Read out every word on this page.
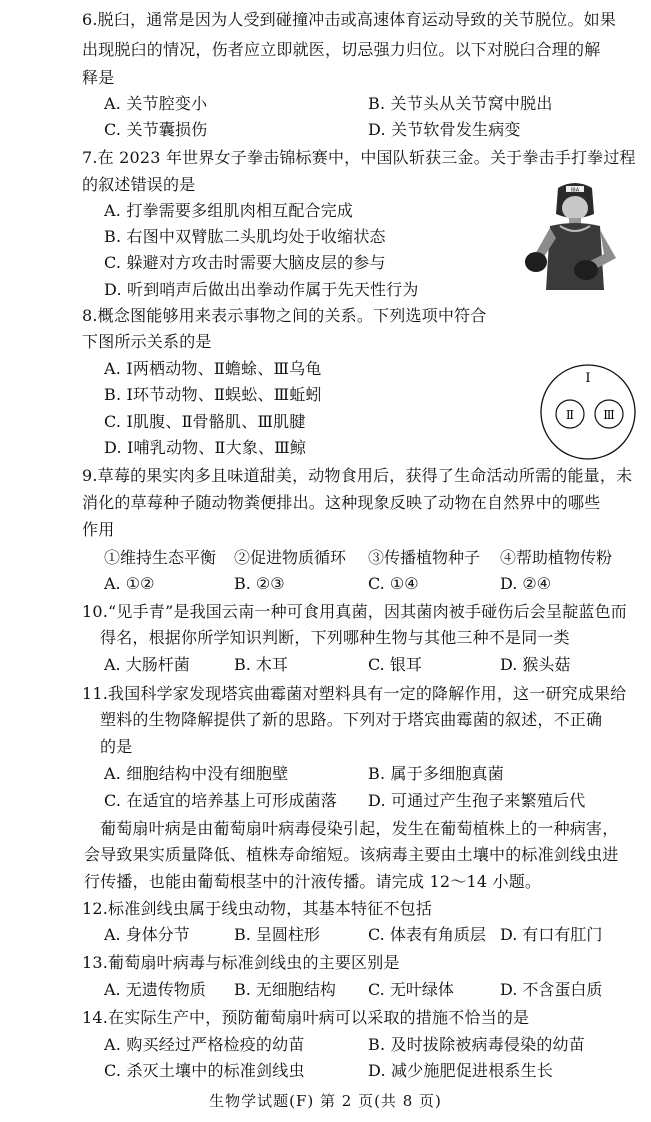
6.脱臼，通常是因为人受到碰撞冲击或高速体育运动导致的关节脱位。如果
出现脱臼的情况，伤者应立即就医，切忌强力归位。以下对脱臼合理的解
释是
A. 关节腔变小	B. 关节头从关节窝中脱出
C. 关节囊损伤	D. 关节软骨发生病变
7.在 2023 年世界女子拳击锦标赛中，中国队斩获三金。关于拳击手打拳过程
的叙述错误的是
A. 打拳需要多组肌肉相互配合完成
B. 右图中双臂肱二头肌均处于收缩状态
C. 躲避对方攻击时需要大脑皮层的参与
D. 听到哨声后做出出拳动作属于先天性行为
IBA
8.概念图能够用来表示事物之间的关系。下列选项中符合
下图所示关系的是
A. Ⅰ两栖动物、Ⅱ蟾蜍、Ⅲ乌龟
B. Ⅰ环节动物、Ⅱ蜈蚣、Ⅲ蚯蚓
C. Ⅰ肌腹、Ⅱ骨骼肌、Ⅲ肌腱
D. Ⅰ哺乳动物、Ⅱ大象、Ⅲ鲸
Ⅰ
Ⅱ Ⅲ
9.草莓的果实肉多且味道甜美，动物食用后，获得了生命活动所需的能量，未
消化的草莓种子随动物粪便排出。这种现象反映了动物在自然界中的哪些
作用
①维持生态平衡 ②促进物质循环 ③传播植物种子 ④帮助植物传粉
A. ①②	B. ②③	C. ①④	D. ②④
10.“见手青”是我国云南一种可食用真菌，因其菌肉被手碰伤后会呈靛蓝色而
得名，根据你所学知识判断，下列哪种生物与其他三种不是同一类
A. 大肠杆菌	B. 木耳	C. 银耳	D. 猴头菇
11.我国科学家发现塔宾曲霉菌对塑料具有一定的降解作用，这一研究成果给
塑料的生物降解提供了新的思路。下列对于塔宾曲霉菌的叙述，不正确
的是
A. 细胞结构中没有细胞壁	B. 属于多细胞真菌
C. 在适宜的培养基上可形成菌落 D. 可通过产生孢子来繁殖后代
葡萄扇叶病是由葡萄扇叶病毒侵染引起，发生在葡萄植株上的一种病害，
会导致果实质量降低、植株寿命缩短。该病毒主要由土壤中的标准剑线虫进
行传播，也能由葡萄根茎中的汁液传播。请完成 12～14 小题。
12.标准剑线虫属于线虫动物，其基本特征不包括
A. 身体分节	B. 呈圆柱形	C. 体表有角质层 D. 有口有肛门
13.葡萄扇叶病毒与标准剑线虫的主要区别是
A. 无遗传物质 B. 无细胞结构 C. 无叶绿体	D. 不含蛋白质
14.在实际生产中，预防葡萄扇叶病可以采取的措施不恰当的是
A. 购买经过严格检疫的幼苗	B. 及时拔除被病毒侵染的幼苗
C. 杀灭土壤中的标准剑线虫	D. 减少施肥促进根系生长
生物学试题(F) 第 2 页(共 8 页)
